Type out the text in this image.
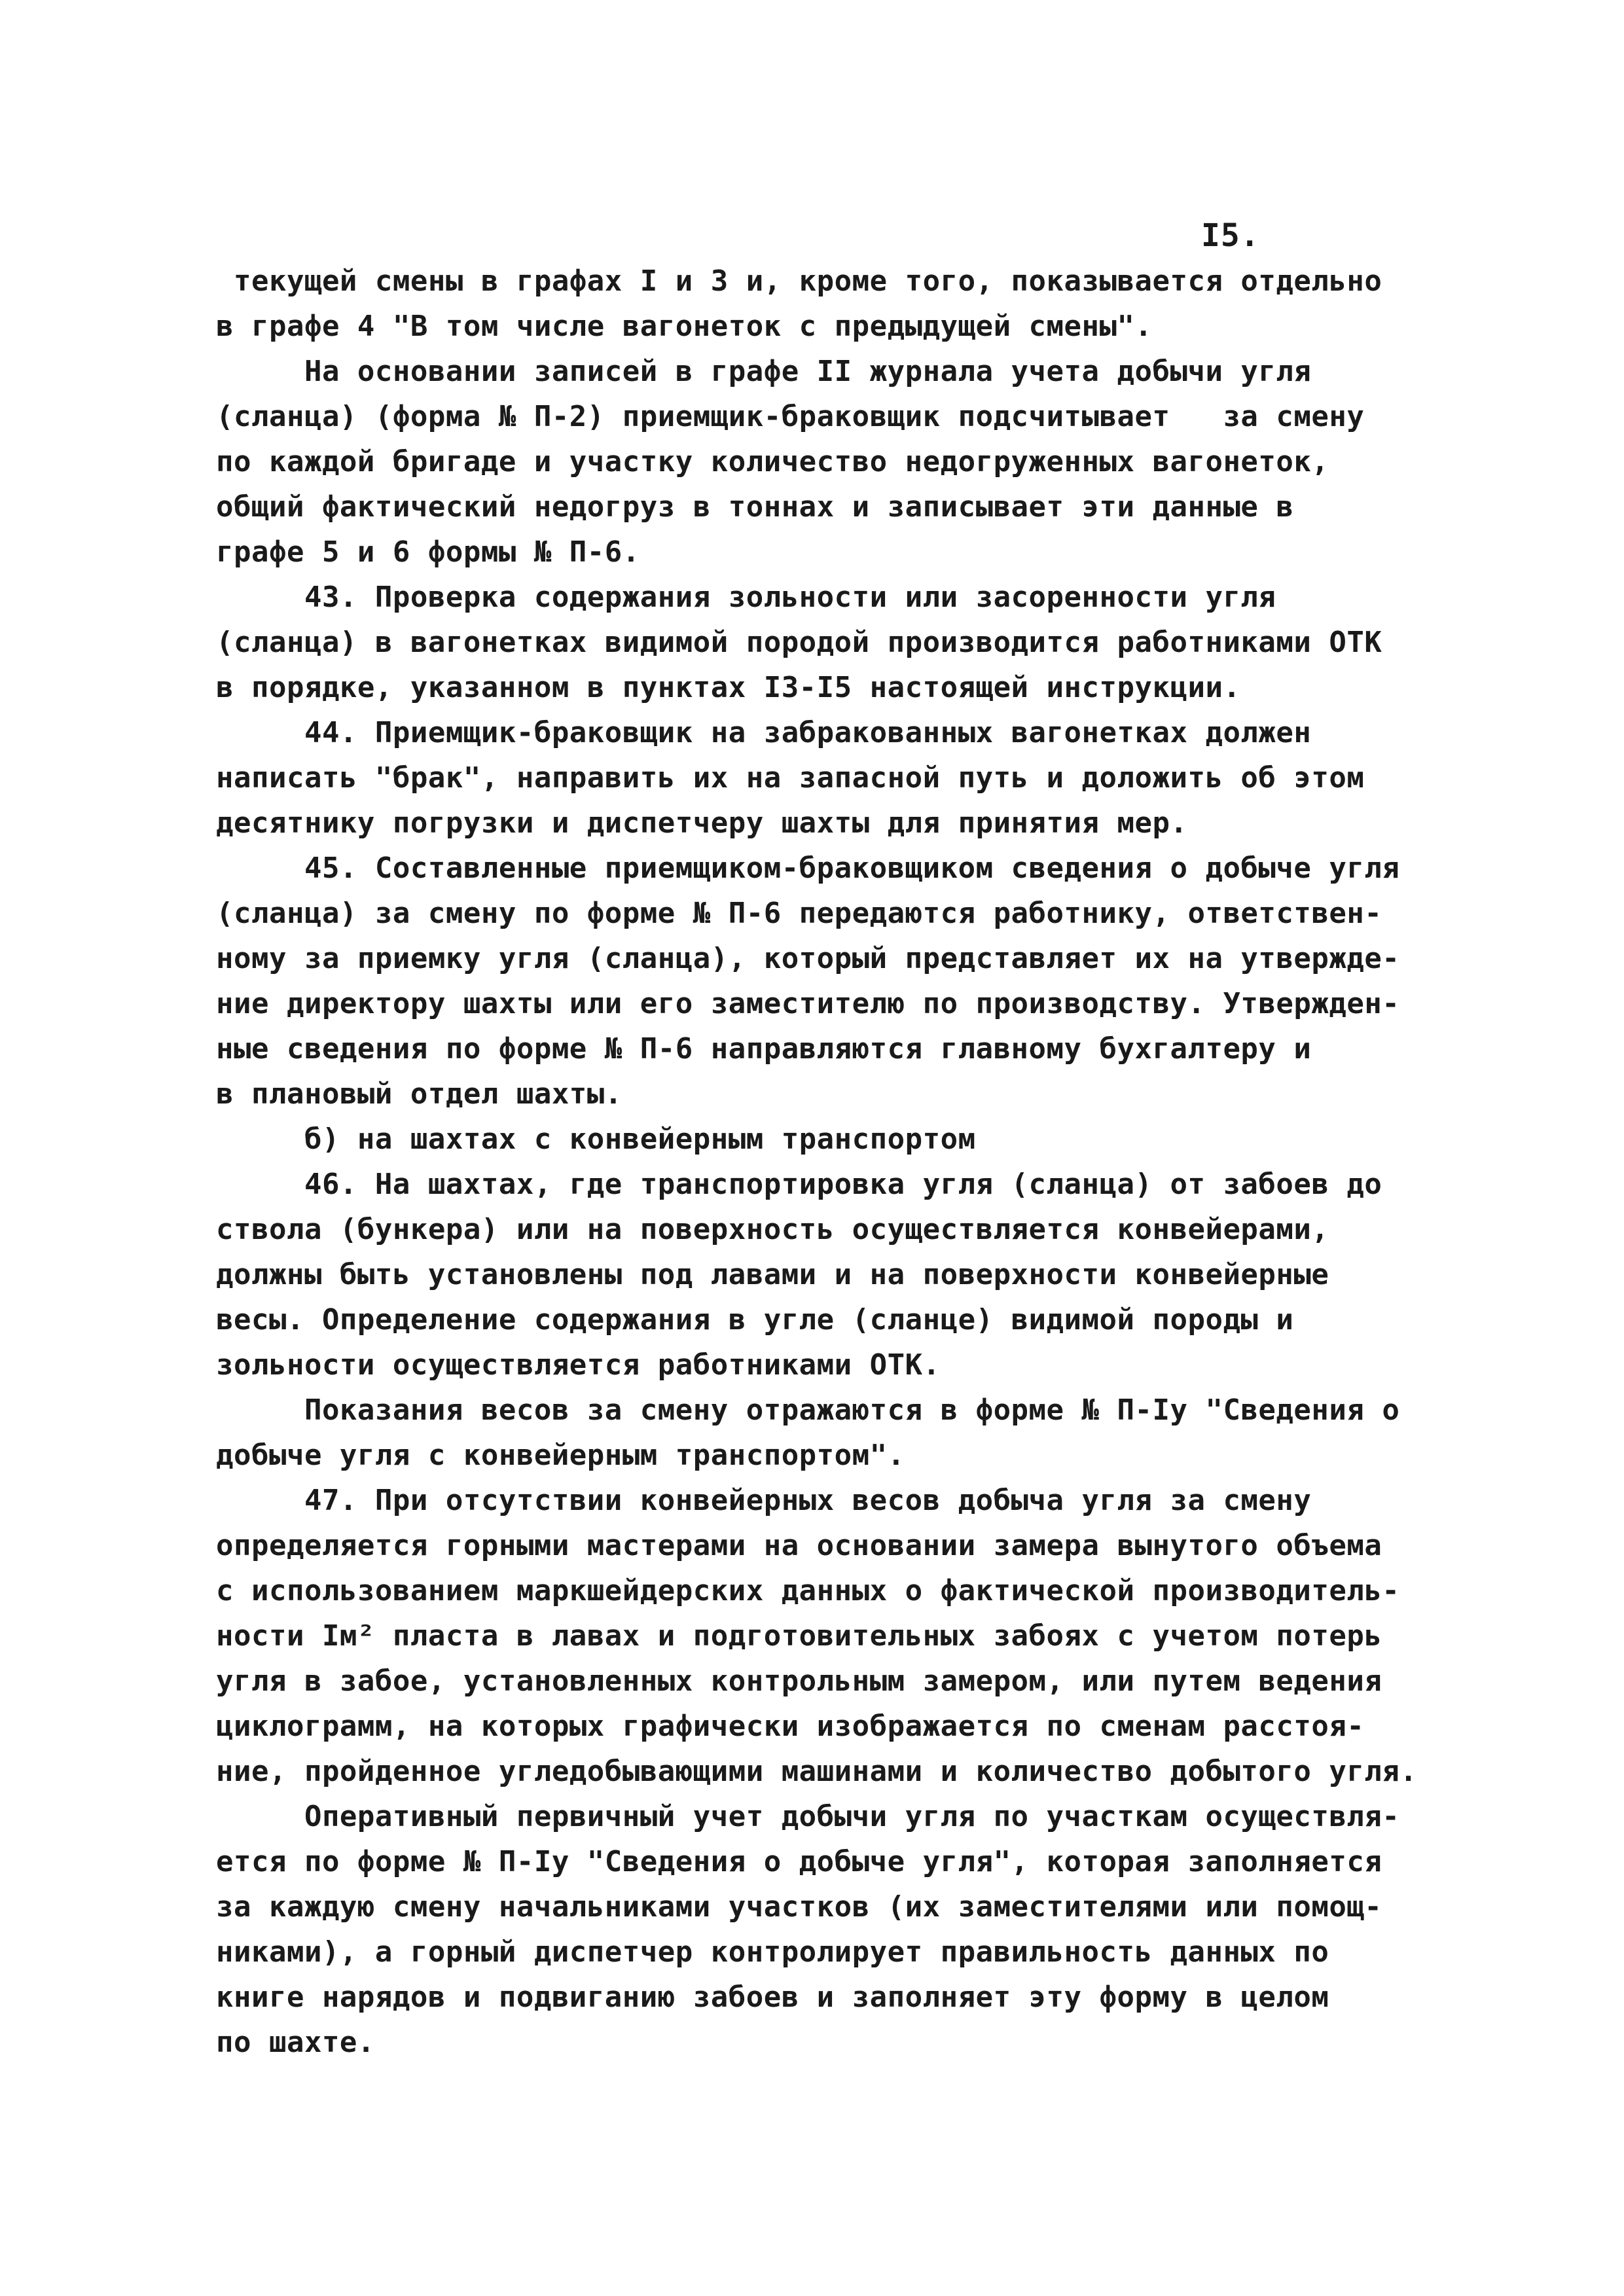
I5.
текущей смены в графах I и 3 и, кроме того, показывается отдельно
в графе 4 "В том числе вагонеток с предыдущей смены".
На основании записей в графе II журнала учета добычи угля
(сланца) (форма № П-2) приемщик-браковщик подсчитывает   за смену
по каждой бригаде и участку количество недогруженных вагонеток,
общий фактический недогруз в тоннах и записывает эти данные в
графе 5 и 6 формы № П-6.
43. Проверка содержания зольности или засоренности угля
(сланца) в вагонетках видимой породой производится работниками ОТК
в порядке, указанном в пунктах I3-I5 настоящей инструкции.
44. Приемщик-браковщик на забракованных вагонетках должен
написать "брак", направить их на запасной путь и доложить об этом
десятнику погрузки и диспетчеру шахты для принятия мер.
45. Составленные приемщиком-браковщиком сведения о добыче угля
(сланца) за смену по форме № П-6 передаются работнику, ответствен-
ному за приемку угля (сланца), который представляет их на утвержде-
ние директору шахты или его заместителю по производству. Утвержден-
ные сведения по форме № П-6 направляются главному бухгалтеру и
в плановый отдел шахты.
б) на шахтах с конвейерным транспортом
46. На шахтах, где транспортировка угля (сланца) от забоев до
ствола (бункера) или на поверхность осуществляется конвейерами,
должны быть установлены под лавами и на поверхности конвейерные
весы. Определение содержания в угле (сланце) видимой породы и
зольности осуществляется работниками ОТК.
Показания весов за смену отражаются в форме № П-Iу "Сведения о
добыче угля с конвейерным транспортом".
47. При отсутствии конвейерных весов добыча угля за смену
определяется горными мастерами на основании замера вынутого объема
с использованием маркшейдерских данных о фактической производитель-
ности Iм² пласта в лавах и подготовительных забоях с учетом потерь
угля в забое, установленных контрольным замером, или путем ведения
циклограмм, на которых графически изображается по сменам расстоя-
ние, пройденное угледобывающими машинами и количество добытого угля.
Оперативный первичный учет добычи угля по участкам осуществля-
ется по форме № П-Iу "Сведения о добыче угля", которая заполняется
за каждую смену начальниками участков (их заместителями или помощ-
никами), а горный диспетчер контролирует правильность данных по
книге нарядов и подвиганию забоев и заполняет эту форму в целом
по шахте.
